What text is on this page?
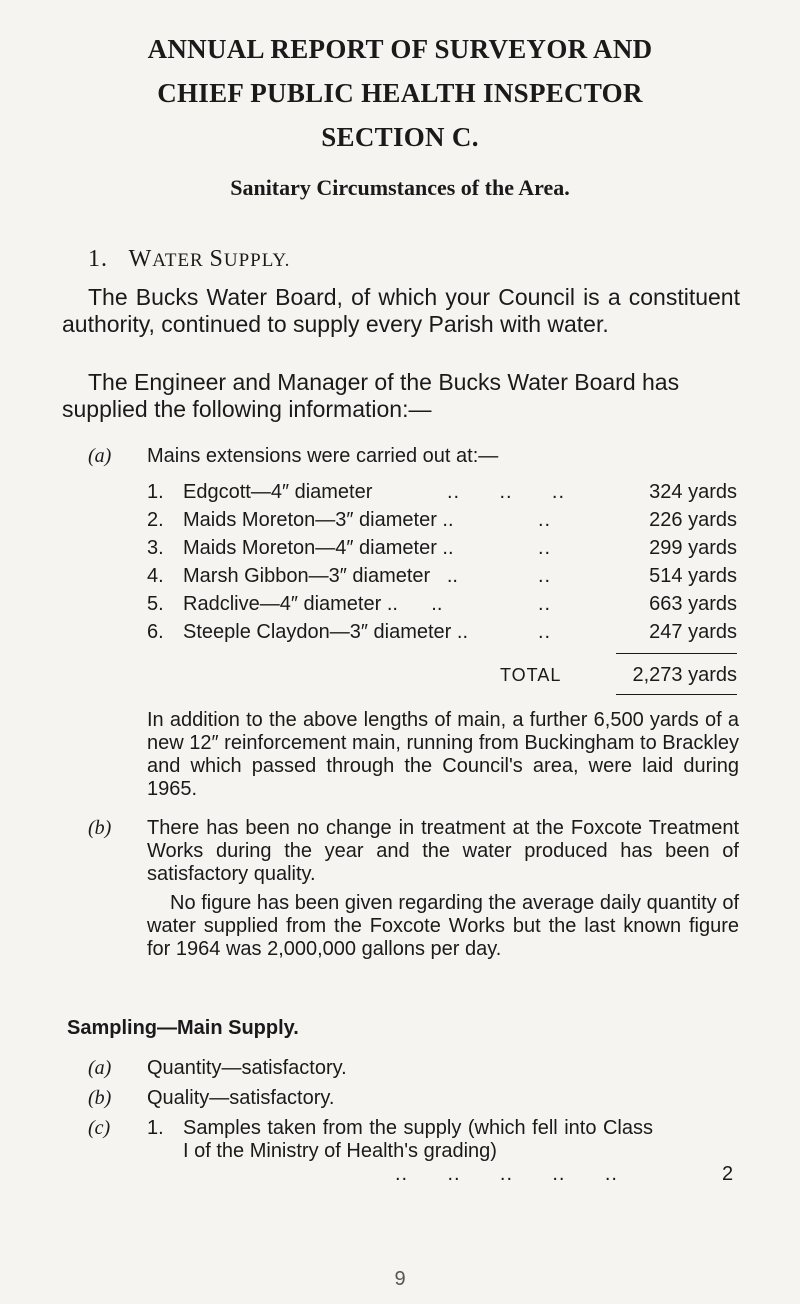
ANNUAL REPORT OF SURVEYOR AND
CHIEF PUBLIC HEALTH INSPECTOR
SECTION C.
Sanitary Circumstances of the Area.
1. WATER SUPPLY.

The Bucks Water Board, of which your Council is a constituent authority, continued to supply every Parish with water.

The Engineer and Manager of the Bucks Water Board has supplied the following information:—

(a) Mains extensions were carried out at:—
1. Edgcott—4″ diameter	324 yards
2. Maids Moreton—3″ diameter ..	..	226 yards
3. Maids Moreton—4″ diameter ..	..	299 yards
4. Marsh Gibbon—3″ diameter   ..	..	514 yards
5. Radclive—4″ diameter ..      ..	..	663 yards
6. Steeple Claydon—3″ diameter ..	..	247 yards
..      ..      ..
TOTAL	2,273 yards

In addition to the above lengths of main, a further 6,500 yards of a new 12″ reinforcement main, running from Buckingham to Brackley and which passed through the Council's area, were laid during 1965.

(b) There has been no change in treatment at the Foxcote Treatment Works during the year and the water produced has been of satisfactory quality.

No figure has been given regarding the average daily quantity of water supplied from the Foxcote Works but the last known figure for 1964 was 2,000,000 gallons per day.

Sampling—Main Supply.
(a) Quantity—satisfactory.
(b) Quality—satisfactory.
(c) 1. Samples taken from the supply (which fell into Class I of the Ministry of Health's grading)

..      ..      ..      ..      ..	2
9
